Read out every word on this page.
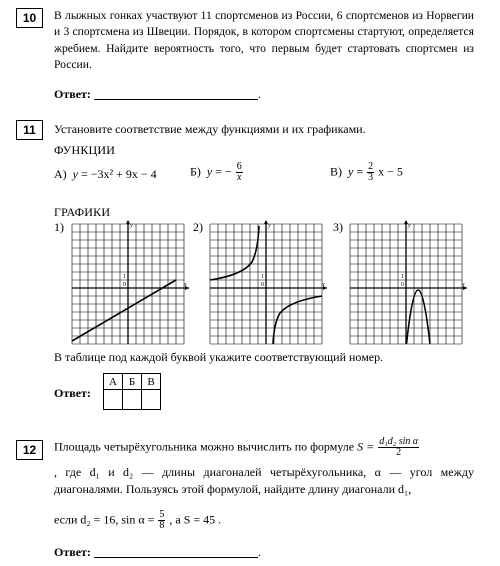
10	В лыжных гонках участвуют 11 спортсменов из России, 6 спортсменов из Норвегии и 3 спортсмена из Швеции. Порядок, в котором спортсмены стартуют, определяется жребием. Найдите вероятность того, что первым будет стартовать спортсмен из России.
Ответ:	.
11	Установите соответствие между функциями и их графиками.
ФУНКЦИИ
А) y = −3x² + 9x − 4	Б) y = − $\frac{6}{x}$	В) $y = \frac{2}{3}$ x − 5
ГРАФИКИ
1)	2)	3)
0
1
y
x	0
1
y
x	0
1
y
x
В таблице под каждой буквой укажите соответствующий номер.
Ответ:
А	Б	В

12	Площадь четырёхугольника можно вычислить по формуле $S = \frac{\text{d₁d₂ sin α}}{2}$
, где d₁ и d₂ — длины диагоналей четырёхугольника, α — угол между диагоналями. Пользуясь этой формулой, найдите длину диагонали d₁,
если d₂ = 16, $\sin \alpha = \frac{5}{8}$ , а S = 45 .
Ответ:	.
